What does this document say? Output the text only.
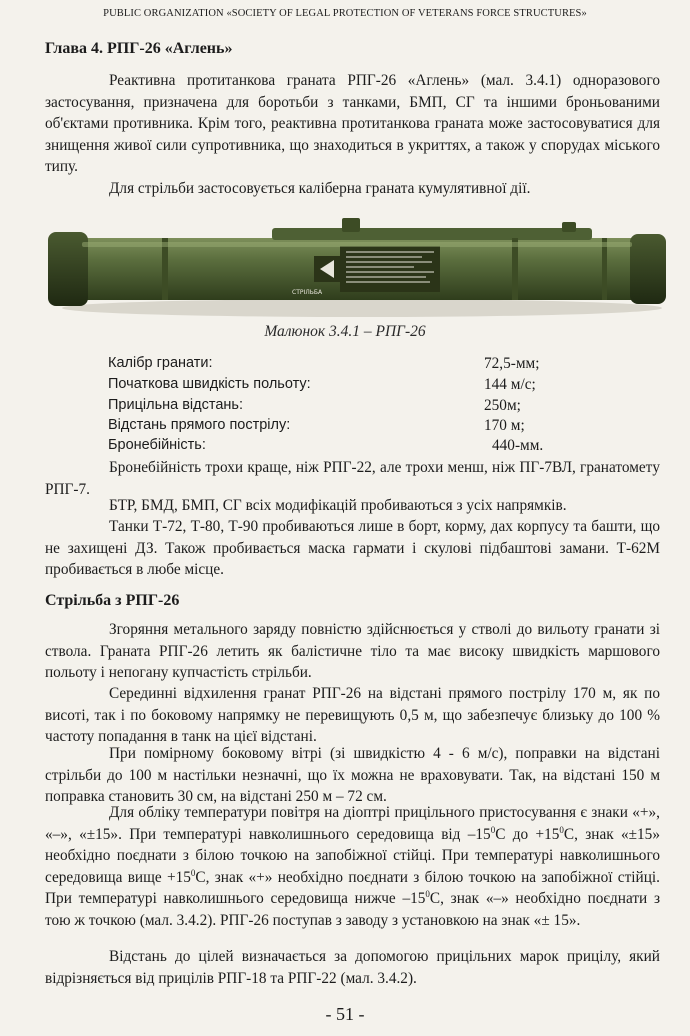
PUBLIC ORGANIZATION «SOCIETY OF LEGAL PROTECTION OF VETERANS FORCE STRUCTURES»
Глава 4. РПГ-26 «Аглень»

Реактивна протитанкова граната РПГ-26 «Аглень» (мал. 3.4.1) одноразового застосування, призначена для боротьби з танками, БМП, СГ та іншими броньованими об'єктами противника. Крім того, реактивна протитанкова граната може застосовуватися для знищення живої сили супротивника, що знаходиться в укриттях, а також у спорудах міського типу.

Для стрільби застосовується каліберна граната кумулятивної дії.

СТРІЛЬБА
Малюнок 3.4.1 – РПГ-26
Калібр гранати:	72,5-мм;
Початкова швидкість польоту:	144 м/с;
Прицільна відстань:	250м;
Відстань прямого пострілу:	170 м;
Бронебійність:	440-мм.

Бронебійність трохи краще, ніж РПГ-22, але трохи менш, ніж ПГ-7ВЛ, гранатометy РПГ-7.

БТР, БМД, БМП, СГ всіх модифікацій пробиваються з усіх напрямків.

Танки Т-72, Т-80, Т-90 пробиваються лише в борт, корму, дах корпусу та башти, що не захищені ДЗ. Також пробивається маска гармати і скулові підбаштові замани. Т-62М пробивається в любе місце.

Стрільба з РПГ-26

Згоряння метального заряду повністю здійснюється у стволі до вильоту гранати зі ствола. Граната РПГ-26 летить як балістичне тіло та має високу швидкість маршового польоту і непогану купчастість стрільби.

Серединні відхилення гранат РПГ-26 на відстані прямого пострілу 170 м, як по висоті, так і по боковому напрямку не перевищують 0,5 м, що забезпечує близьку до 100 % частоту попадання в танк на цієї відстані.

При помірному боковому вітрі (зі швидкістю 4 - 6 м/с), поправки на відстані стрільби до 100 м настільки незначні, що їх можна не враховувати. Так, на відстані 150 м поправка становить 30 см, на відстані 250 м – 72 см.

Для обліку температури повітря на діоптрі прицільного пристосування є знаки «+», «–», «±15». При температурі навколишнього середовища від $-15^0С$ до $+15^0С$, знак «±15» необхідно поєднати з білою точкою на запобіжної стійці. При температурі навколишнього середовища вище $+15^0С$, знак «+» необхідно поєднати з білою точкою на запобіжної стійці. При температурі навколишнього середовища нижче $-15^0С$, знак «–» необхідно поєднати з тою ж точкою (мал. 3.4.2). РПГ-26 поступав з заводу з установкою на знак «± 15».

Відстань до цілей визначається за допомогою прицільних марок прицілу, який відрізняється від прицілів РПГ-18 та РПГ-22 (мал. 3.4.2).

- 51 -
